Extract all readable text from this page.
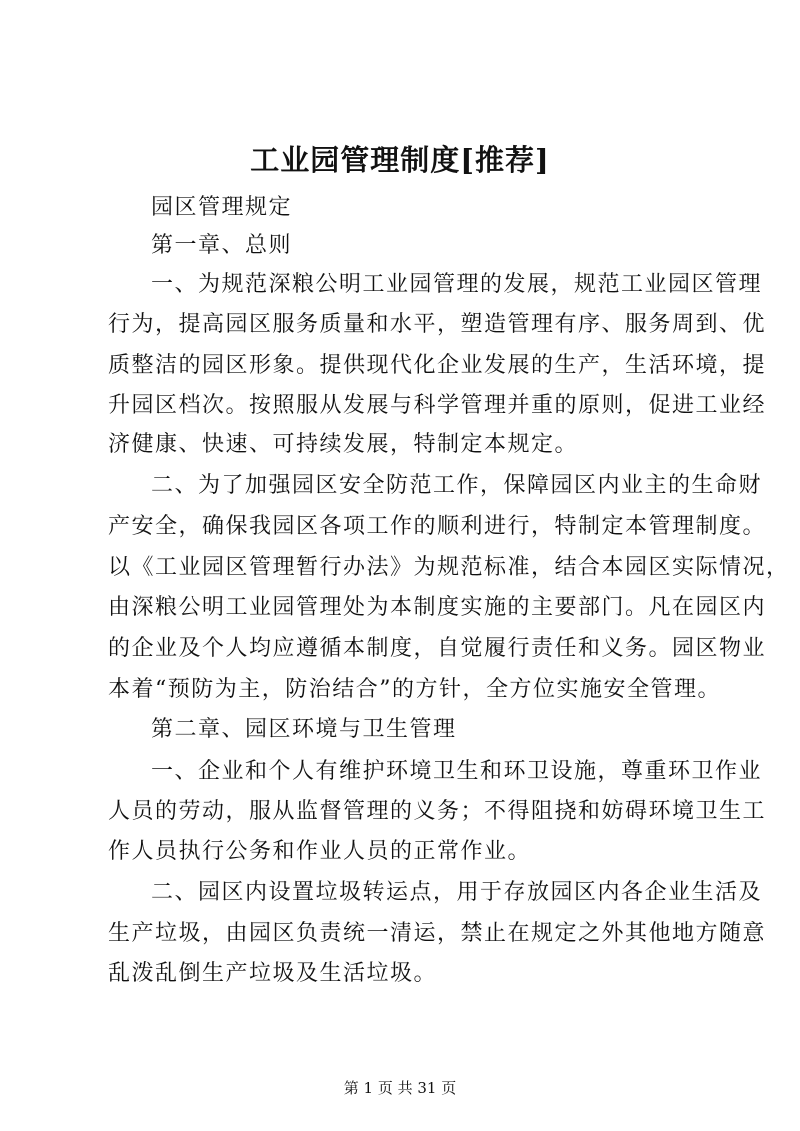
工业园管理制度[推荐]
园区管理规定
第一章、总则
一、为规范深粮公明工业园管理的发展，规范工业园区管理
行为，提高园区服务质量和水平，塑造管理有序、服务周到、优
质整洁的园区形象。提供现代化企业发展的生产，生活环境，提
升园区档次。按照服从发展与科学管理并重的原则，促进工业经
济健康、快速、可持续发展，特制定本规定。
二、为了加强园区安全防范工作，保障园区内业主的生命财
产安全，确保我园区各项工作的顺利进行，特制定本管理制度。
以《工业园区管理暂行办法》为规范标准，结合本园区实际情况，
由深粮公明工业园管理处为本制度实施的主要部门。凡在园区内
的企业及个人均应遵循本制度，自觉履行责任和义务。园区物业
本着“预防为主，防治结合”的方针，全方位实施安全管理。
第二章、园区环境与卫生管理
一、企业和个人有维护环境卫生和环卫设施，尊重环卫作业
人员的劳动，服从监督管理的义务；不得阻挠和妨碍环境卫生工
作人员执行公务和作业人员的正常作业。
二、园区内设置垃圾转运点，用于存放园区内各企业生活及
生产垃圾，由园区负责统一清运，禁止在规定之外其他地方随意
乱泼乱倒生产垃圾及生活垃圾。
第 1 页 共 31 页
